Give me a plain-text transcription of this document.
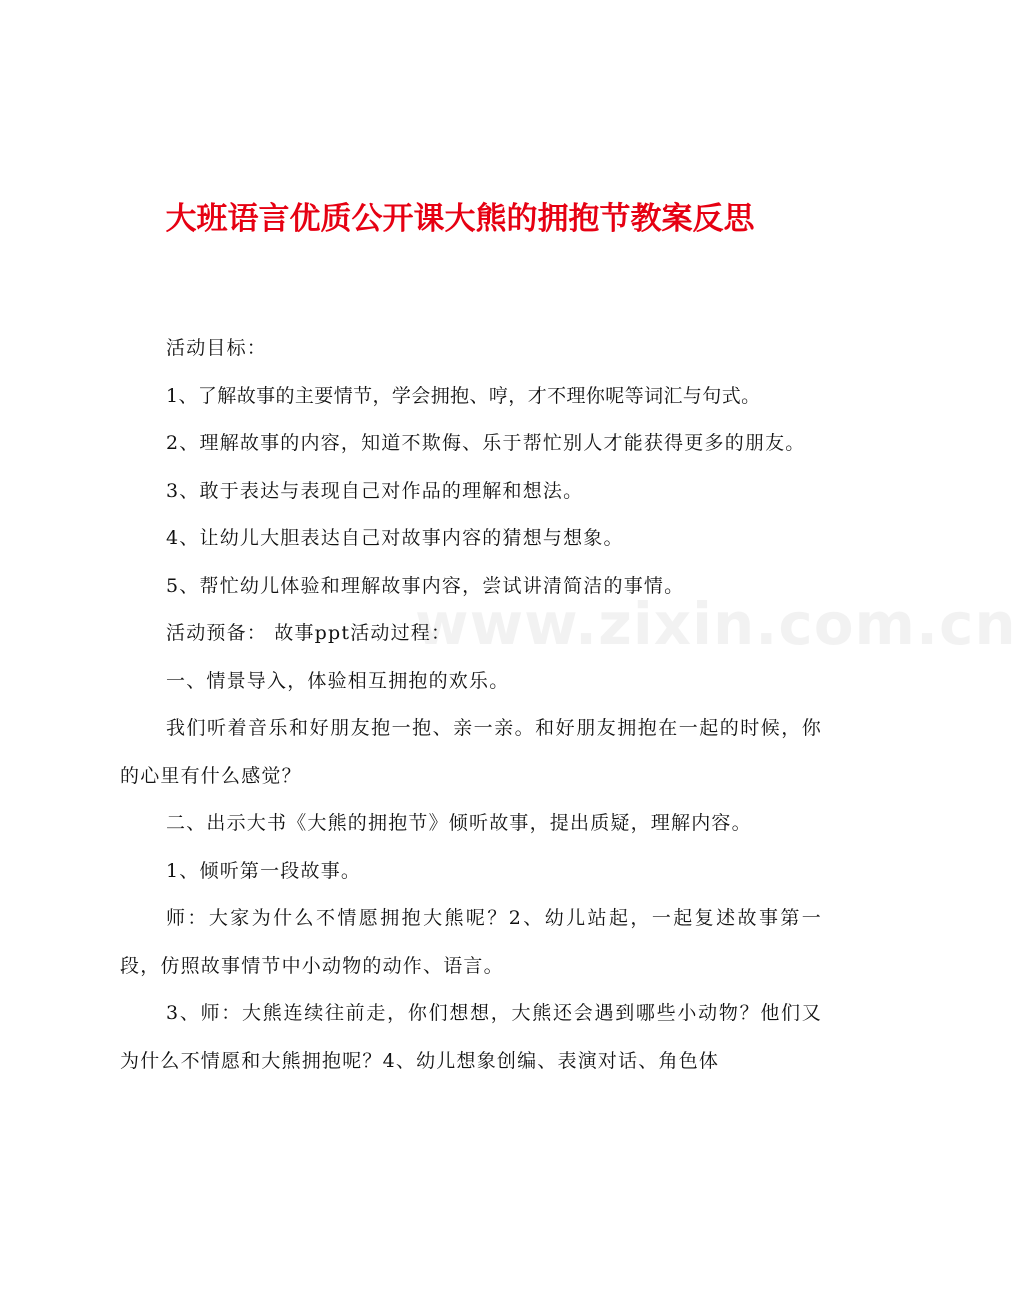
www.zixin.com.cn
大班语言优质公开课大熊的拥抱节教案反思

活动目标：

1、了解故事的主要情节，学会拥抱、哼，才不理你呢等词汇与句式。

2、理解故事的内容，知道不欺侮、乐于帮忙别人才能获得更多的朋友。

3、敢于表达与表现自己对作品的理解和想法。

4、让幼儿大胆表达自己对故事内容的猜想与想象。

5、帮忙幼儿体验和理解故事内容，尝试讲清简洁的事情。

活动预备： 故事ppt活动过程：

一、情景导入，体验相互拥抱的欢乐。

我们听着音乐和好朋友抱一抱、亲一亲。和好朋友拥抱在一起的时候，你的心里有什么感觉？

二、出示大书《大熊的拥抱节》倾听故事，提出质疑，理解内容。

1、倾听第一段故事。

师：大家为什么不情愿拥抱大熊呢？2、幼儿站起，一起复述故事第一段，仿照故事情节中小动物的动作、语言。

3、师：大熊连续往前走，你们想想，大熊还会遇到哪些小动物？他们又为什么不情愿和大熊拥抱呢？4、幼儿想象创编、表演对话、角色体
